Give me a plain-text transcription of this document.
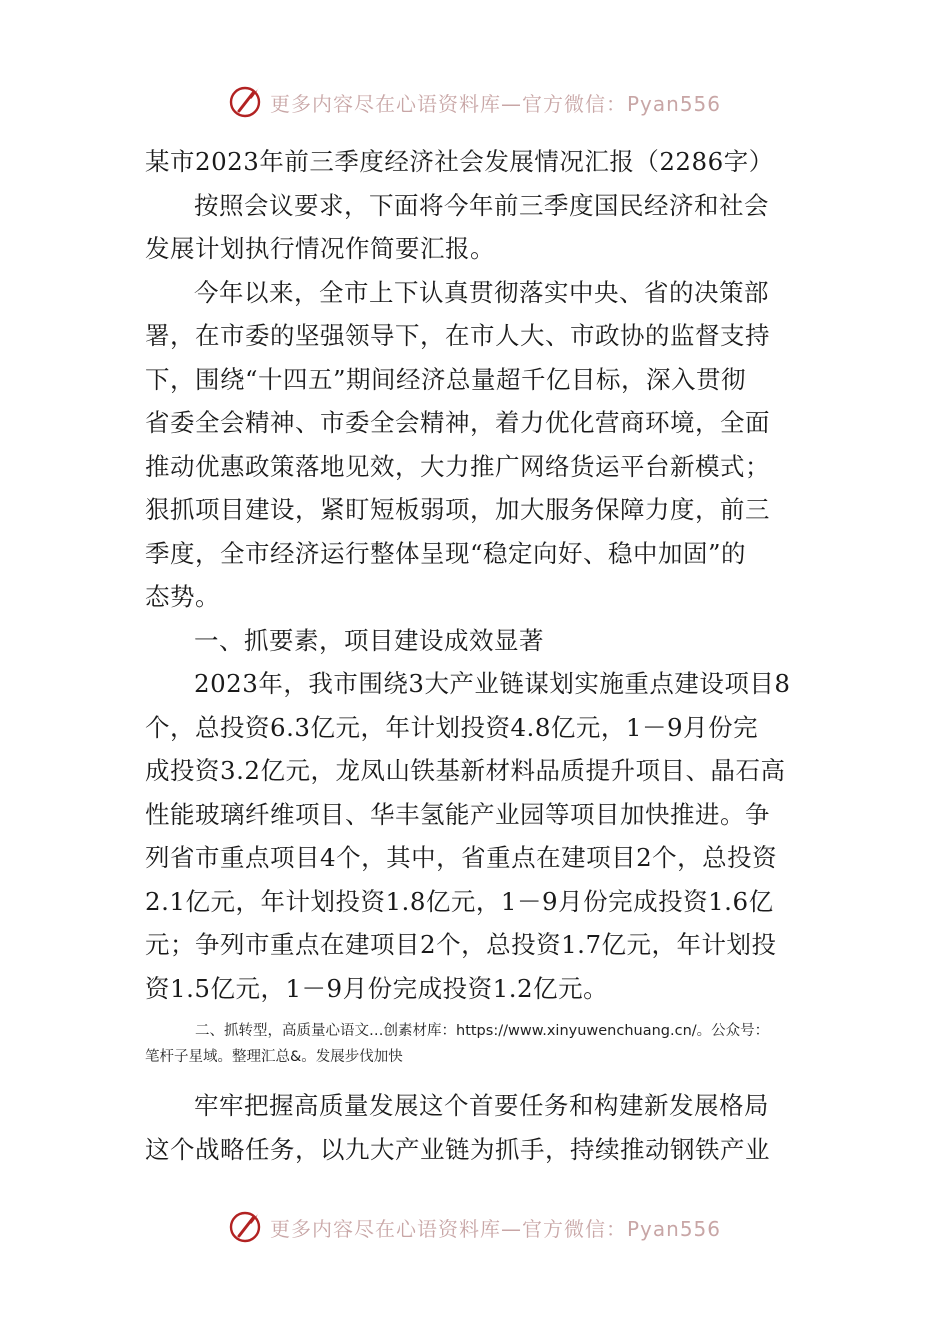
更多内容尽在心语资料库—官方微信：Pyan556
某市2023年前三季度经济社会发展情况汇报（2286字）
按照会议要求，下面将今年前三季度国民经济和社会
发展计划执行情况作简要汇报。
今年以来，全市上下认真贯彻落实中央、省的决策部
署，在市委的坚强领导下，在市人大、市政协的监督支持
下，围绕“十四五”期间经济总量超千亿目标，深入贯彻
省委全会精神、市委全会精神，着力优化营商环境，全面
推动优惠政策落地见效，大力推广网络货运平台新模式；
狠抓项目建设，紧盯短板弱项，加大服务保障力度，前三
季度，全市经济运行整体呈现“稳定向好、稳中加固”的
态势。
一、抓要素，项目建设成效显著
2023年，我市围绕3大产业链谋划实施重点建设项目8
个，总投资6.3亿元，年计划投资4.8亿元，1－9月份完
成投资3.2亿元，龙凤山铁基新材料品质提升项目、晶石高
性能玻璃纤维项目、华丰氢能产业园等项目加快推进。争
列省市重点项目4个，其中，省重点在建项目2个，总投资
2.1亿元，年计划投资1.8亿元，1－9月份完成投资1.6亿
元；争列市重点在建项目2个，总投资1.7亿元，年计划投
资1.5亿元，1－9月份完成投资1.2亿元。
二、抓转型，高质量心语文…创素材库：https://www.xinyuwenchuang.cn/。公众号：
笔杆子星域。整理汇总&。发展步伐加快
牢牢把握高质量发展这个首要任务和构建新发展格局
这个战略任务，以九大产业链为抓手，持续推动钢铁产业
更多内容尽在心语资料库—官方微信：Pyan556
